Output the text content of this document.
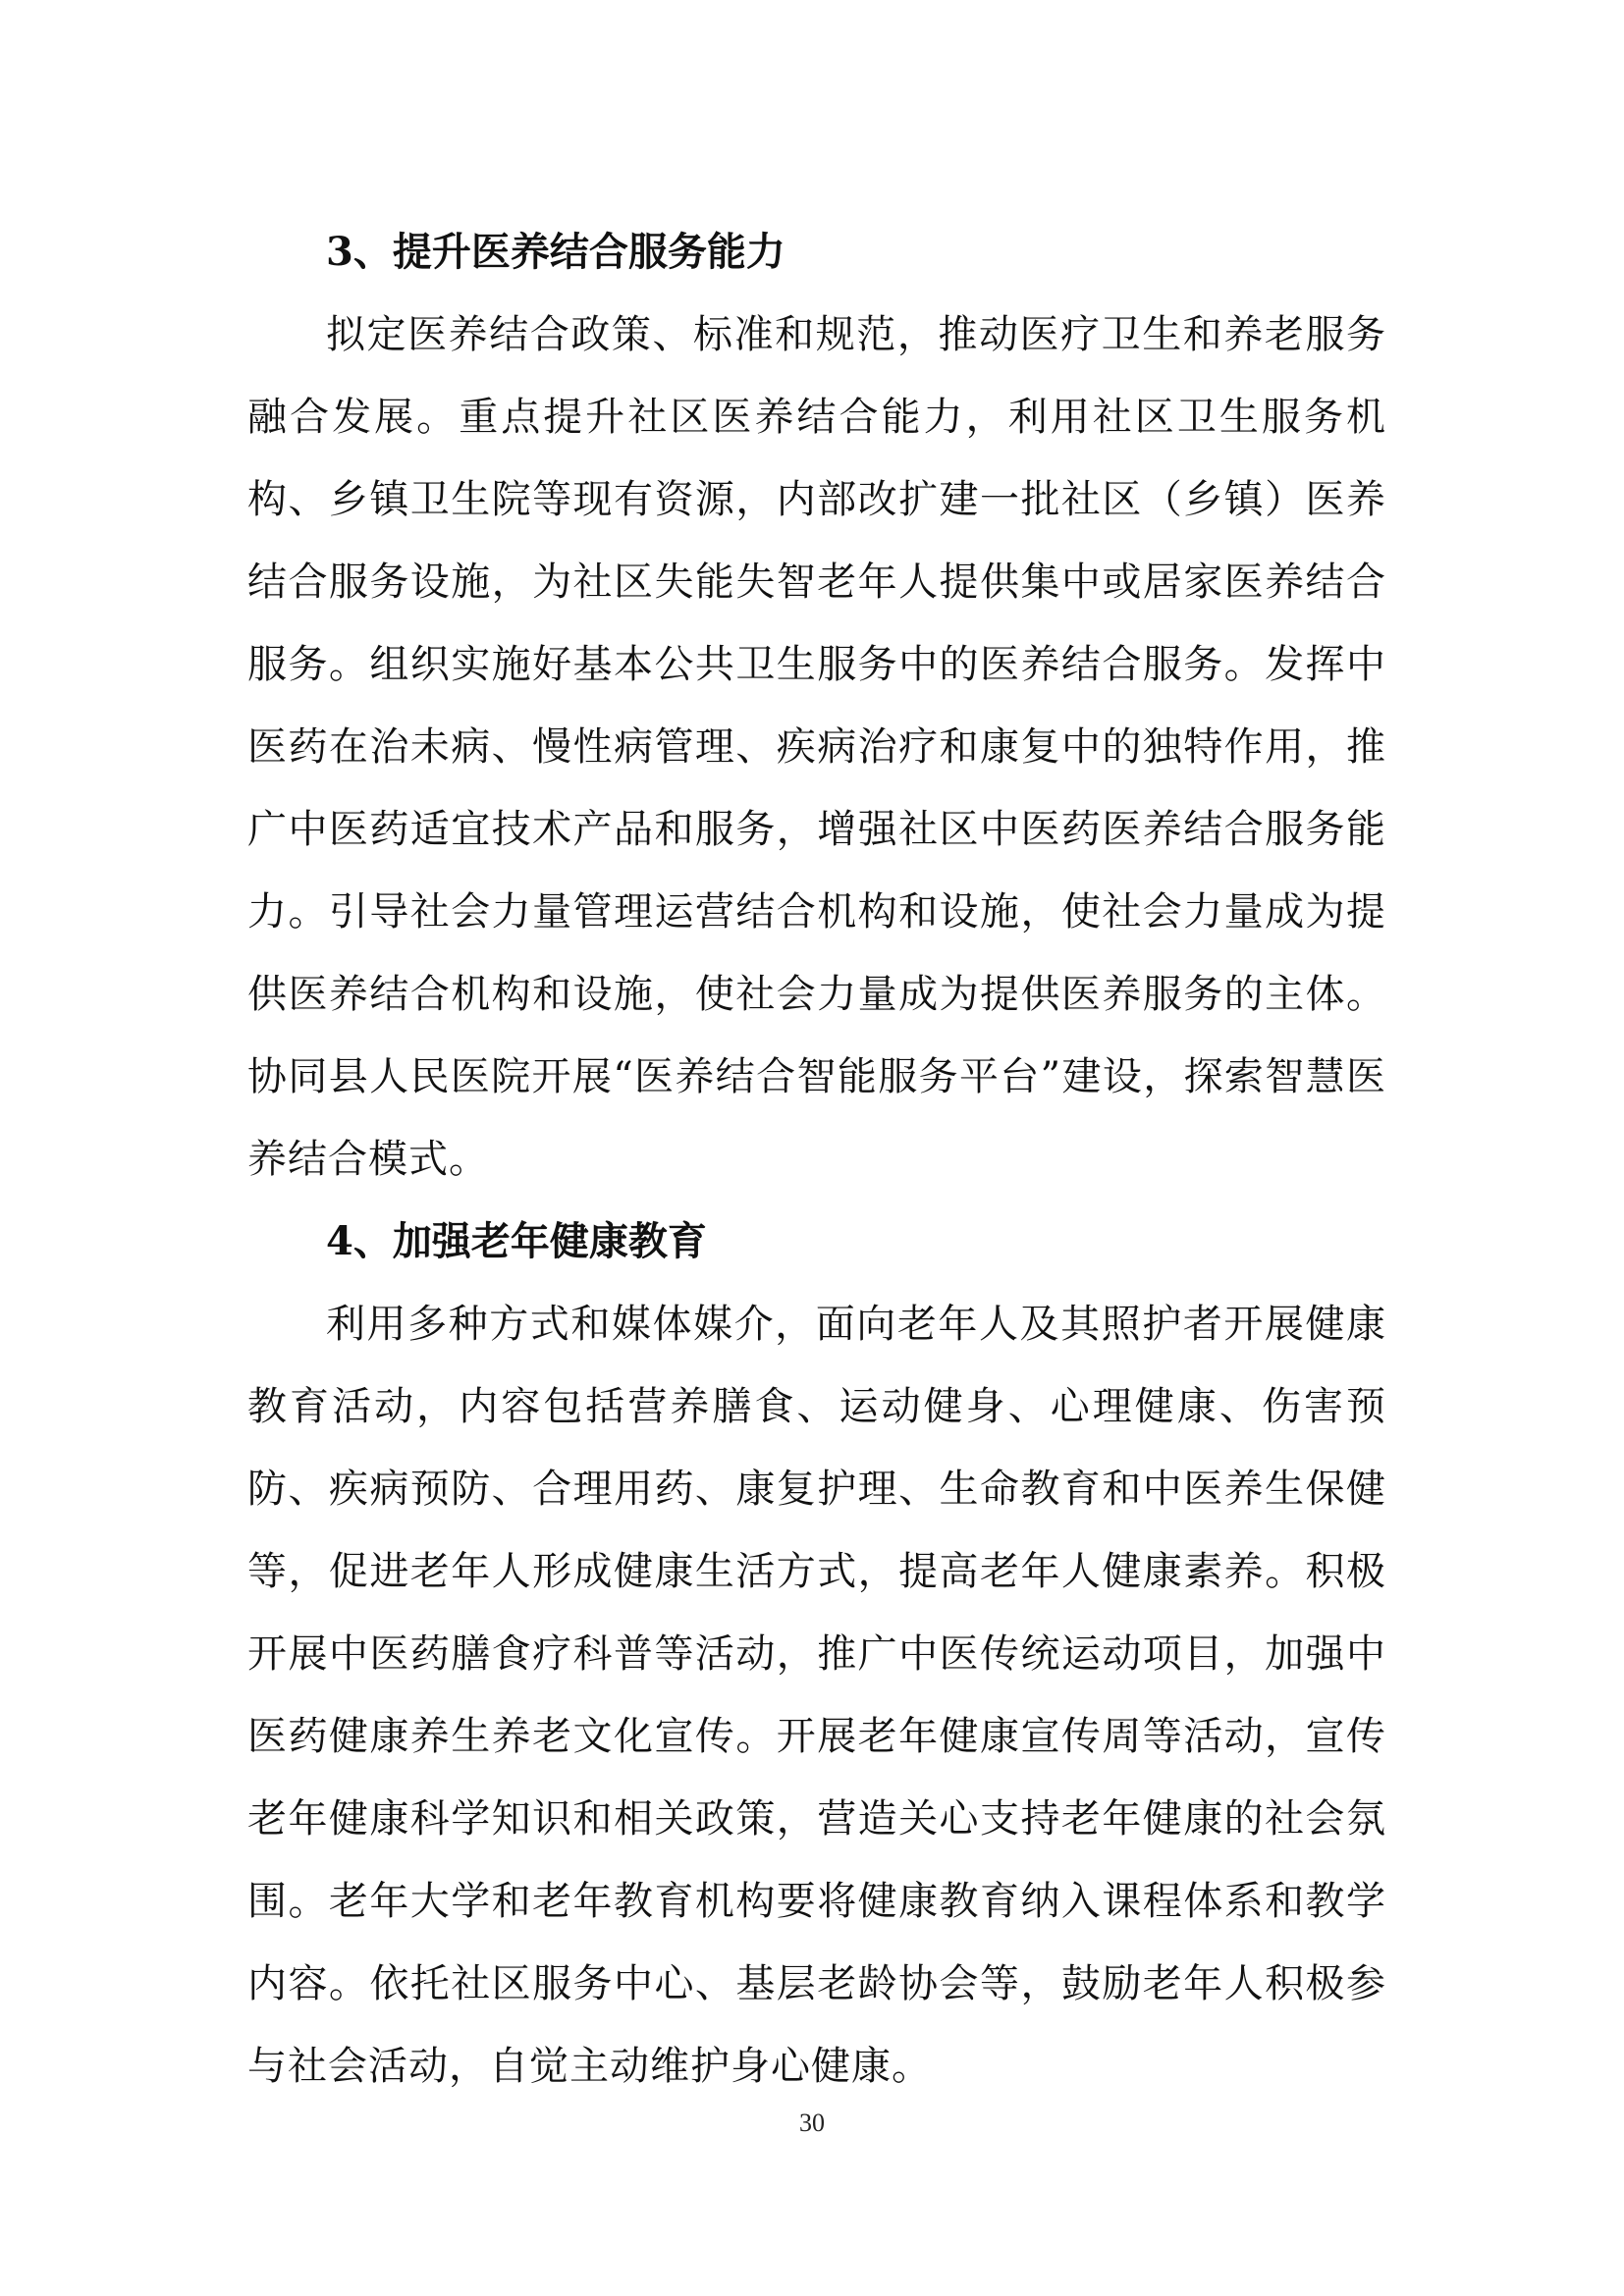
3、提升医养结合服务能力

拟定医养结合政策、标准和规范，推动医疗卫生和养老服务融合发展。重点提升社区医养结合能力，利用社区卫生服务机构、乡镇卫生院等现有资源，内部改扩建一批社区（乡镇）医养结合服务设施，为社区失能失智老年人提供集中或居家医养结合服务。组织实施好基本公共卫生服务中的医养结合服务。发挥中医药在治未病、慢性病管理、疾病治疗和康复中的独特作用，推广中医药适宜技术产品和服务，增强社区中医药医养结合服务能力。引导社会力量管理运营结合机构和设施，使社会力量成为提供医养结合机构和设施，使社会力量成为提供医养服务的主体。协同县人民医院开展“医养结合智能服务平台”建设，探索智慧医养结合模式。

4、加强老年健康教育

利用多种方式和媒体媒介，面向老年人及其照护者开展健康教育活动，内容包括营养膳食、运动健身、心理健康、伤害预防、疾病预防、合理用药、康复护理、生命教育和中医养生保健等，促进老年人形成健康生活方式，提高老年人健康素养。积极开展中医药膳食疗科普等活动，推广中医传统运动项目，加强中医药健康养生养老文化宣传。开展老年健康宣传周等活动，宣传老年健康科学知识和相关政策，营造关心支持老年健康的社会氛围。老年大学和老年教育机构要将健康教育纳入课程体系和教学内容。依托社区服务中心、基层老龄协会等，鼓励老年人积极参与社会活动，自觉主动维护身心健康。

30
